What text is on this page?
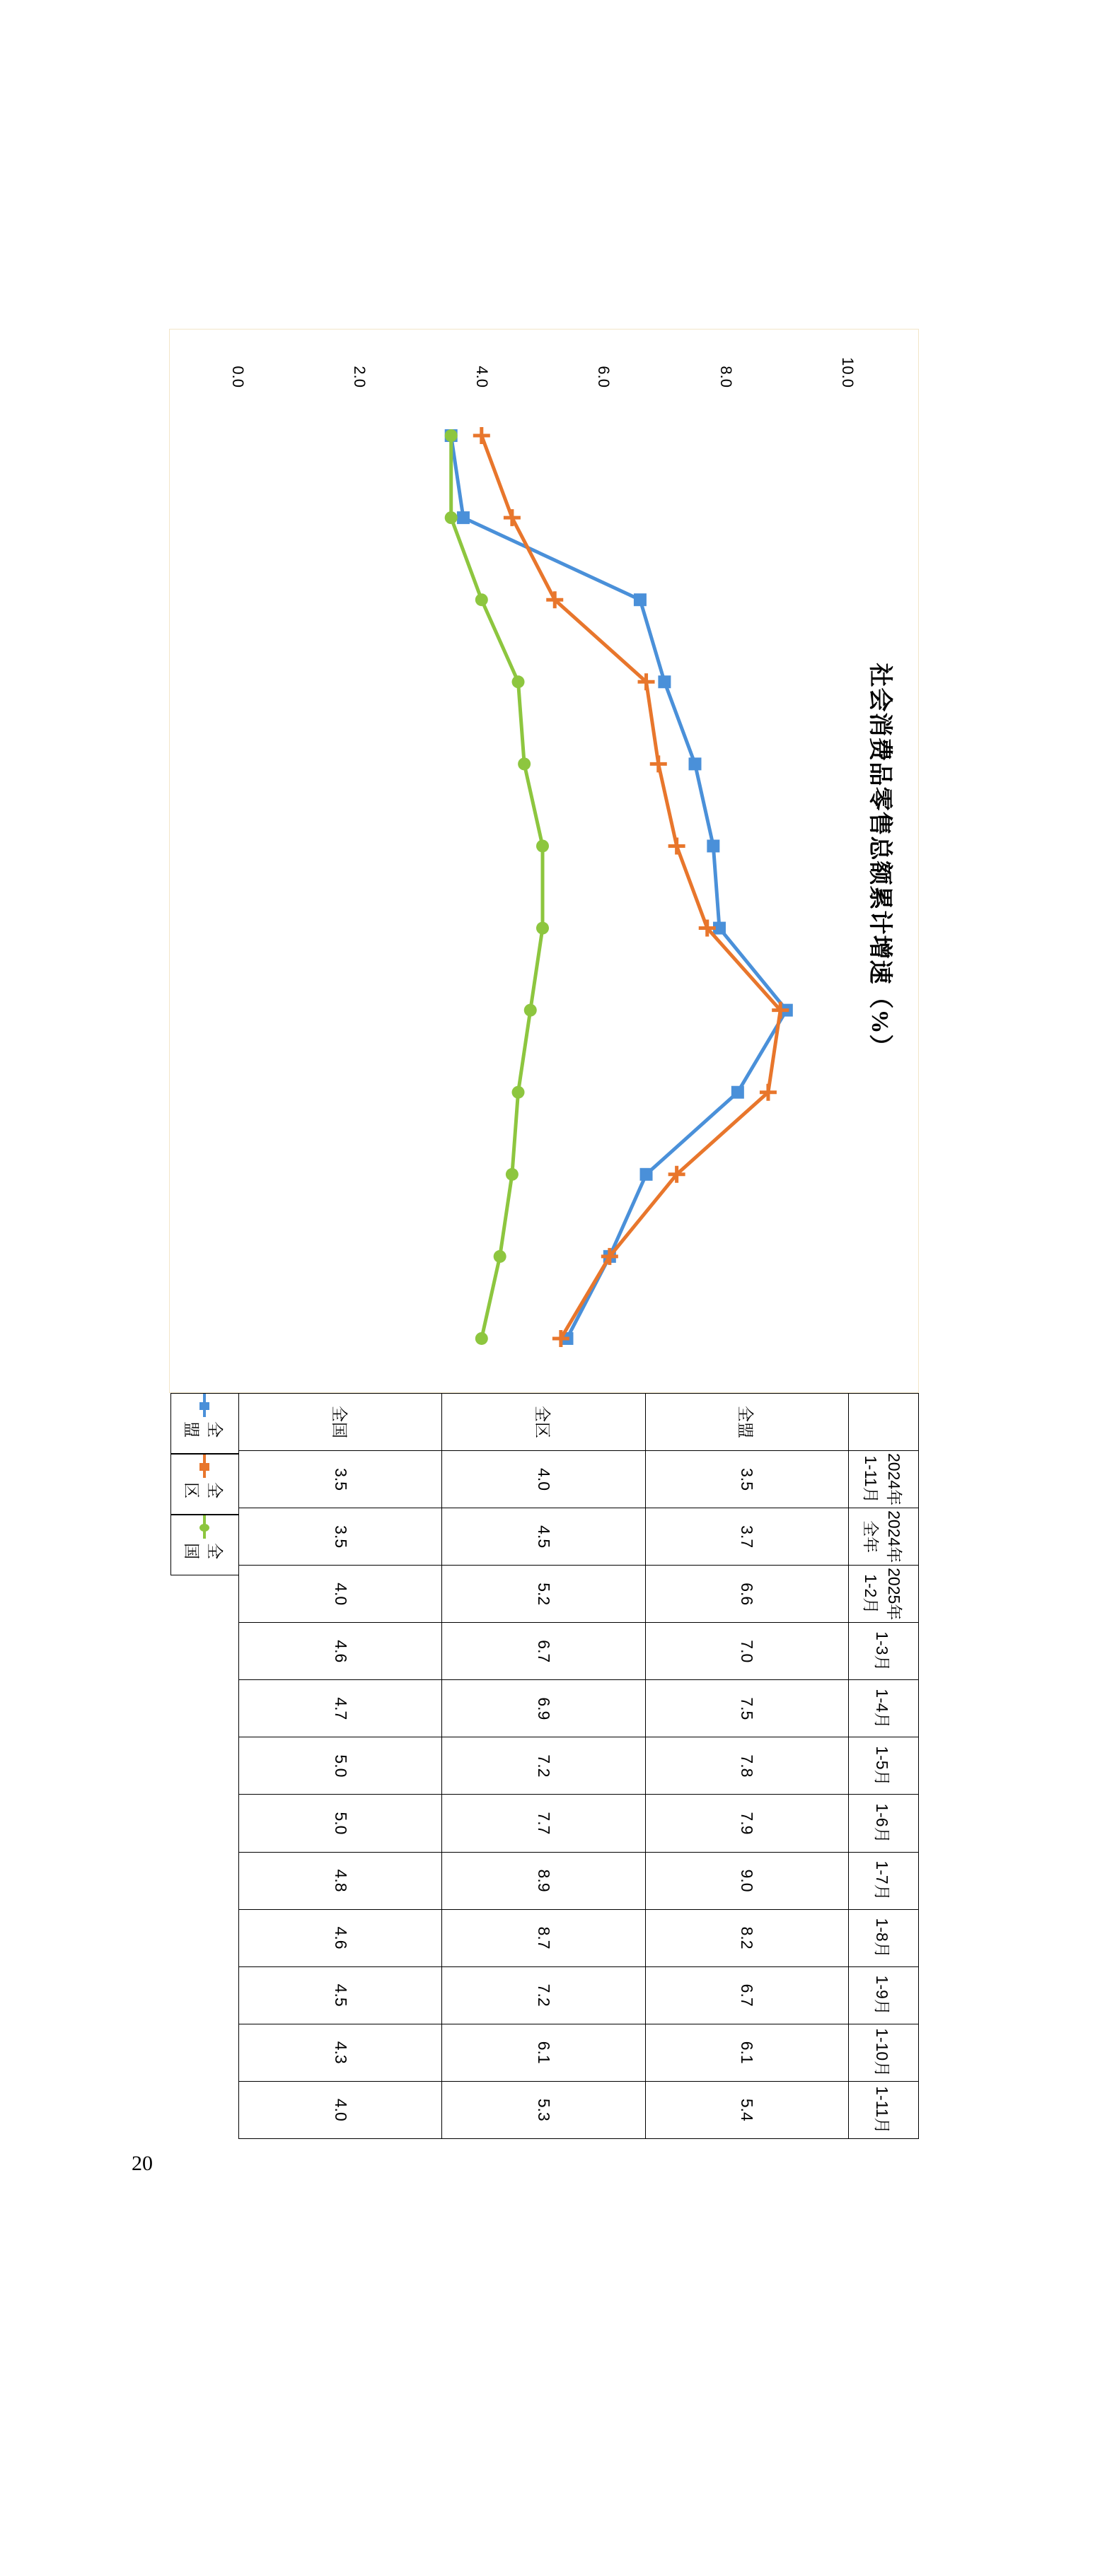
20
社会消费品零售总额累计增速（%）
0.0	2.0	4.0	6.0	8.0	10.0
	2024年1-11月	2024年全年	2025年1-2月	1-3月	1-4月	1-5月	1-6月	1-7月	1-8月	1-9月	1-10月	1-11月
全盟	3.5	3.7	6.6	7.0	7.5	7.8	7.9	9.0	8.2	6.7	6.1	5.4
全区	4.0	4.5	5.2	6.7	6.9	7.2	7.7	8.9	8.7	7.2	6.1	5.3
全国	3.5	3.5	4.0	4.6	4.7	5.0	5.0	4.8	4.6	4.5	4.3	4.0
全盟
全区
全国
